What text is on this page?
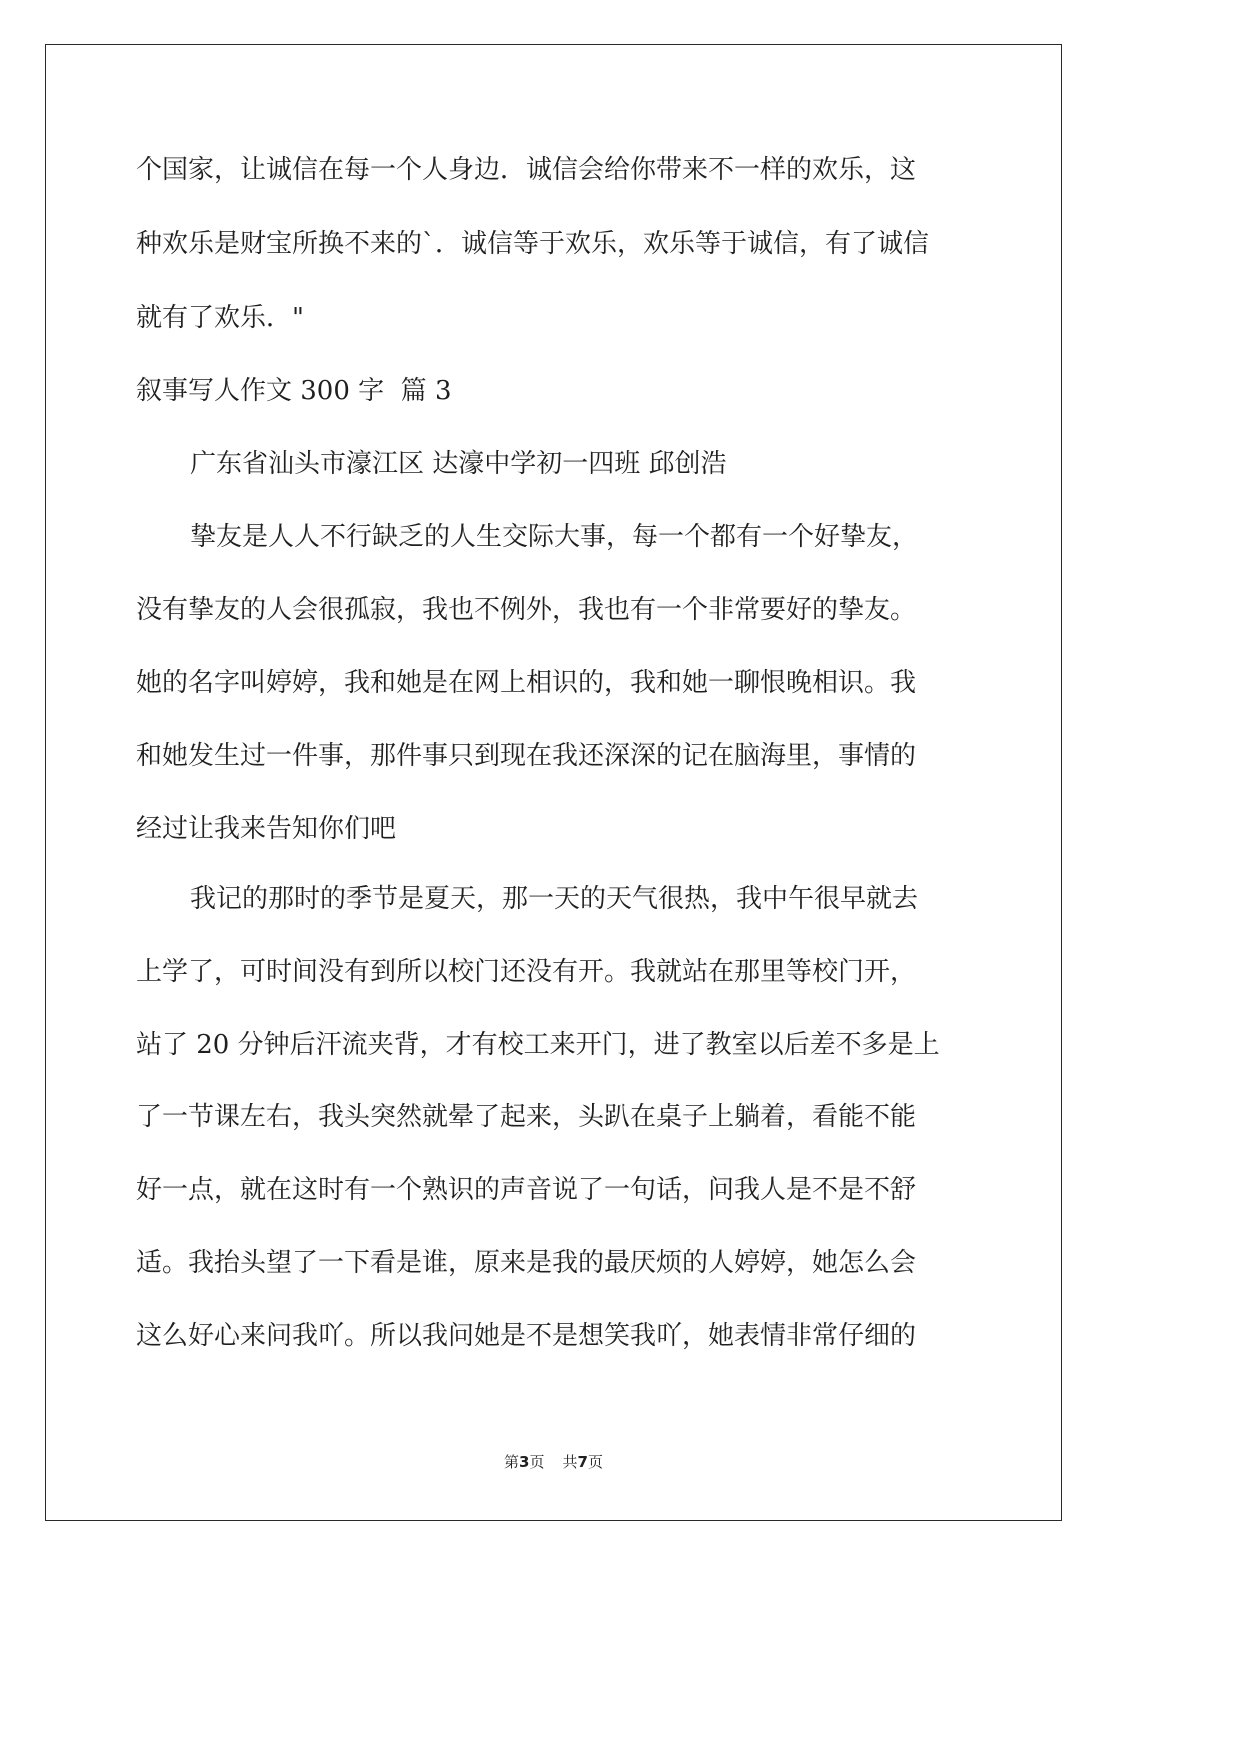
个国家，让诚信在每一个人身边．诚信会给你带来不一样的欢乐，这
种欢乐是财宝所换不来的`．诚信等于欢乐，欢乐等于诚信，有了诚信
就有了欢乐．"
叙事写人作文 300 字  篇 3
广东省汕头市濠江区 达濠中学初一四班 邱创浩
挚友是人人不行缺乏的人生交际大事，每一个都有一个好挚友，
没有挚友的人会很孤寂，我也不例外，我也有一个非常要好的挚友。
她的名字叫婷婷，我和她是在网上相识的，我和她一聊恨晚相识。我
和她发生过一件事，那件事只到现在我还深深的记在脑海里，事情的
经过让我来告知你们吧
我记的那时的季节是夏天，那一天的天气很热，我中午很早就去
上学了，可时间没有到所以校门还没有开。我就站在那里等校门开，
站了 20 分钟后汗流夹背，才有校工来开门，进了教室以后差不多是上
了一节课左右，我头突然就晕了起来，头趴在桌子上躺着，看能不能
好一点，就在这时有一个熟识的声音说了一句话，问我人是不是不舒
适。我抬头望了一下看是谁，原来是我的最厌烦的人婷婷，她怎么会
这么好心来问我吖。所以我问她是不是想笑我吖，她表情非常仔细的
第3页 共7页
